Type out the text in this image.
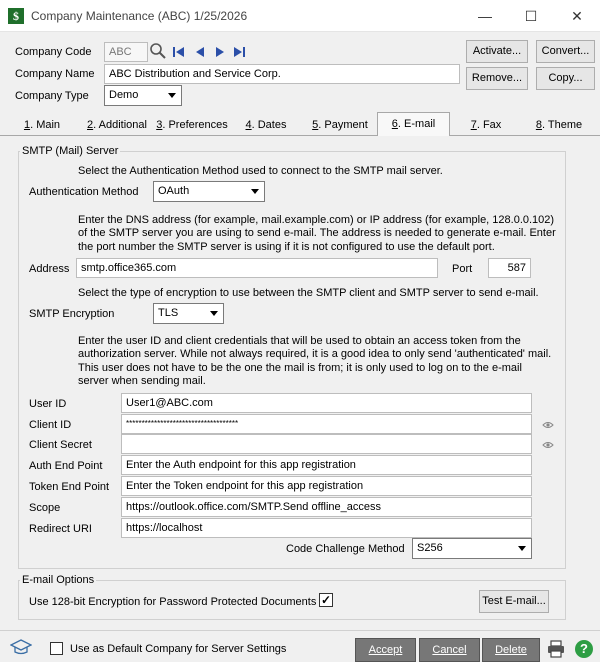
$	Company Maintenance (ABC) 1/25/2026	—	☐	✕
Company Code	ABC
Company Name	ABC Distribution and Service Corp.
Company Type	Demo
Activate...	Convert...
Remove...	Copy...
1. Main	2. Additional 3. Preferences	4. Dates	5. Payment	6. E-mail	7. Fax	8. Theme
SMTP (Mail) Server
Select the Authentication Method used to connect to the SMTP mail server.
Authentication Method	OAuth
Enter the DNS address (for example, mail.example.com) or IP address (for example, 128.0.0.102)
of the SMTP server you are using to send e-mail. The address is needed to generate e-mail. Enter
the port number the SMTP server is using if it is not configured to use the default port.
Address	smtp.office365.com	Port	587
Select the type of encryption to use between the SMTP client and SMTP server to send e-mail.
SMTP Encryption	TLS
Enter the user ID and client credentials that will be used to obtain an access token from the
authorization server. While not always required, it is a good idea to only send 'authenticated' mail.
This user does not have to be the one the mail is from; it is only used to log on to the e-mail
server when sending mail.
User ID	User1@ABC.com
Client ID	************************************
Client Secret
Auth End Point	Enter the Auth endpoint for this app registration
Token End Point	Enter the Token endpoint for this app registration
Scope	https://outlook.office.com/SMTP.Send offline_access
Redirect URI	https://localhost
Code Challenge Method	S256
E-mail Options
Use 128-bit Encryption for Password Protected Documents ✓	Test E-mail...
Use as Default Company for Server Settings	Accept	Cancel	Delete	?
